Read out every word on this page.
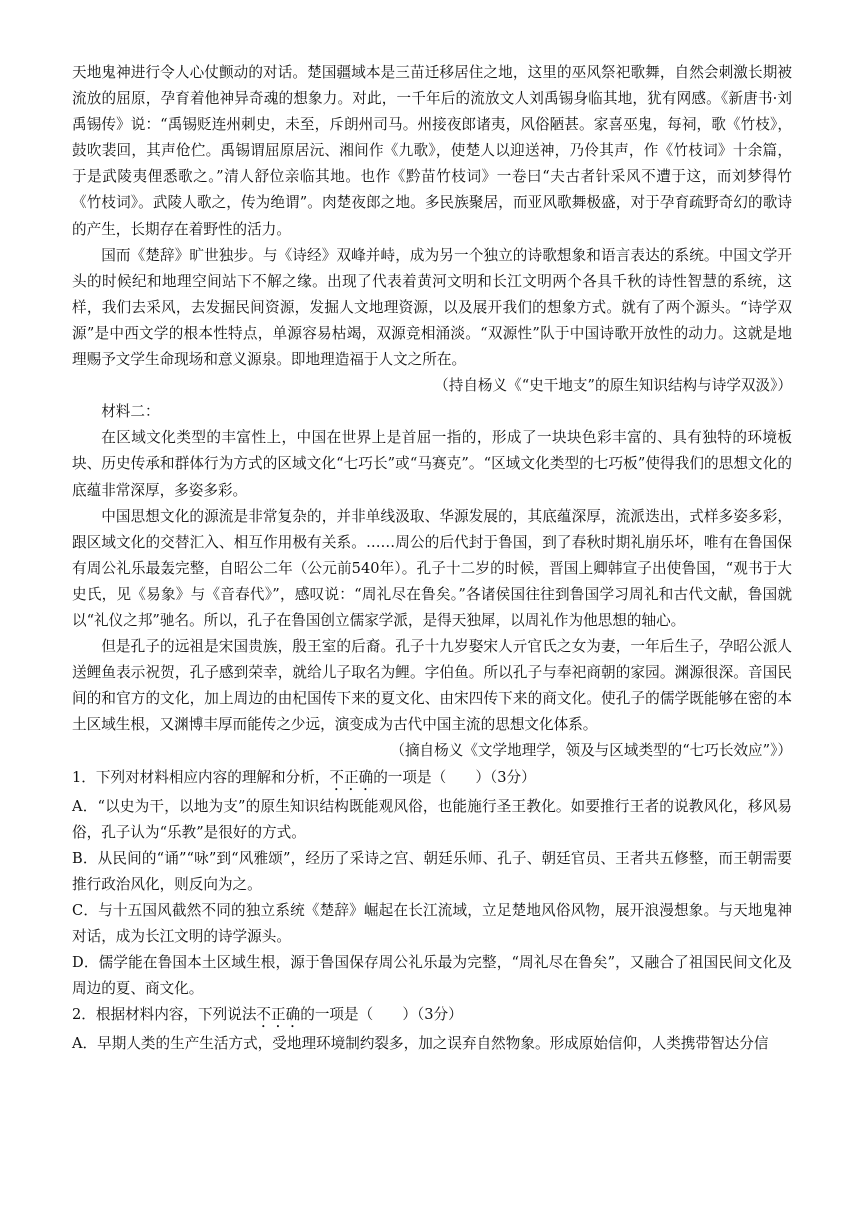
天地鬼神进行令人心仗颤动的对话。楚国疆域本是三苗迁移居住之地，这里的巫风祭祀歌舞，自然会刺激长期被流放的屈原，孕育着他神异奇魂的想象力。对此，一千年后的流放文人刘禹锡身临其地，犹有网感。《新唐书·刘禹锡传》说：“禹锡贬连州刺史，未至，斥朗州司马。州接夜郎诸夷，风俗陋甚。家喜巫鬼，每祠，歌《竹枝》，鼓吹裴回，其声伧伫。禹锡谓屈原居沅、湘间作《九歌》，使楚人以迎送神，乃伶其声，作《竹枝词》十余篇，于是武陵夷俚悉歌之。”清人舒位亲临其地。也作《黔苗竹枝词》一卷曰“夫古者针采风不遭于这，而刘梦得竹《竹枝词》。武陵人歌之，传为绝谓”。肉楚夜郎之地。多民族聚居，而亚风歌舞极盛，对于孕育疏野奇幻的歌诗的产生，长期存在着野性的活力。

国而《楚辞》旷世独步。与《诗经》双峰并峙，成为另一个独立的诗歌想象和语言表达的系统。中国文学开头的时候纪和地理空间站下不解之缘。出现了代表着黄河文明和长江文明两个各具千秋的诗性智慧的系统，这样，我们去采风，去发掘民间资源，发掘人文地理资源，以及展开我们的想象方式。就有了两个源头。“诗学双源”是中西文学的根本性特点，单源容易枯竭，双源竞相涌淡。“双源性”队于中国诗歌开放性的动力。这就是地理赐予文学生命现场和意义源泉。即地理造福于人文之所在。

（持自杨义《“史干地支”的原生知识结构与诗学双汲》）

材料二：

在区域文化类型的丰富性上，中国在世界上是首屈一指的，形成了一块块色彩丰富的、具有独特的环境板块、历史传承和群体行为方式的区域文化“七巧长”或“马赛克”。“区域文化类型的七巧板”使得我们的思想文化的底蕴非常深厚，多姿多彩。

中国思想文化的源流是非常复杂的，并非单线汲取、华源发展的，其底蕴深厚，流派迭出，式样多姿多彩，跟区域文化的交替汇入、相互作用极有关系。……周公的后代封于鲁国，到了春秋时期礼崩乐坏，唯有在鲁国保有周公礼乐最轰完整，自昭公二年（公元前540年）。孔子十二岁的时候，晋国上卿韩宣子出使鲁国，“观书于大史氏，见《易象》与《音春代》”，感叹说：“周礼尽在鲁矣。”各诸侯国往往到鲁国学习周礼和古代文献，鲁国就以“礼仪之邦”驰名。所以，孔子在鲁国创立儒家学派，是得天独犀，以周礼作为他思想的轴心。

但是孔子的远祖是宋国贵族，殷王室的后裔。孔子十九岁娶宋人亓官氏之女为妻，一年后生子，孕昭公派人送鲤鱼表示祝贺，孔子感到荣幸，就给儿子取名为鲤。字伯鱼。所以孔子与奉祀商朝的家园。渊源很深。音国民间的和官方的文化，加上周边的由杞国传下来的夏文化、由宋四传下来的商文化。使孔子的儒学既能够在密的本土区域生根，又渊博丰厚而能传之少远，演变成为古代中国主流的思想文化体系。

（摘自杨义《文学地理学，领及与区域类型的“七巧长效应”》）

1．下列对材料相应内容的理解和分析，不正确的一项是（　　）（3分）

A．“以史为干，以地为支”的原生知识结构既能观风俗，也能施行圣王教化。如要推行王者的说教风化，移风易俗，孔子认为“乐教”是很好的方式。

B．从民间的“诵”“咏”到“风雅颂”，经历了采诗之宫、朝廷乐师、孔子、朝廷官员、王者共五修整，而王朝需要推行政治风化，则反向为之。

C．与十五国风截然不同的独立系统《楚辞》崛起在长江流域，立足楚地风俗风物，展开浪漫想象。与天地鬼神对话，成为长江文明的诗学源头。

D．儒学能在鲁国本土区域生根，源于鲁国保存周公礼乐最为完整，“周礼尽在鲁矣”，又融合了祖国民间文化及周边的夏、商文化。

2．根据材料内容，下列说法不正确的一项是（　　）（3分）

A．早期人类的生产生活方式，受地理环境制约裂多，加之误弃自然物象。形成原始信仰，人类携带智达分信
